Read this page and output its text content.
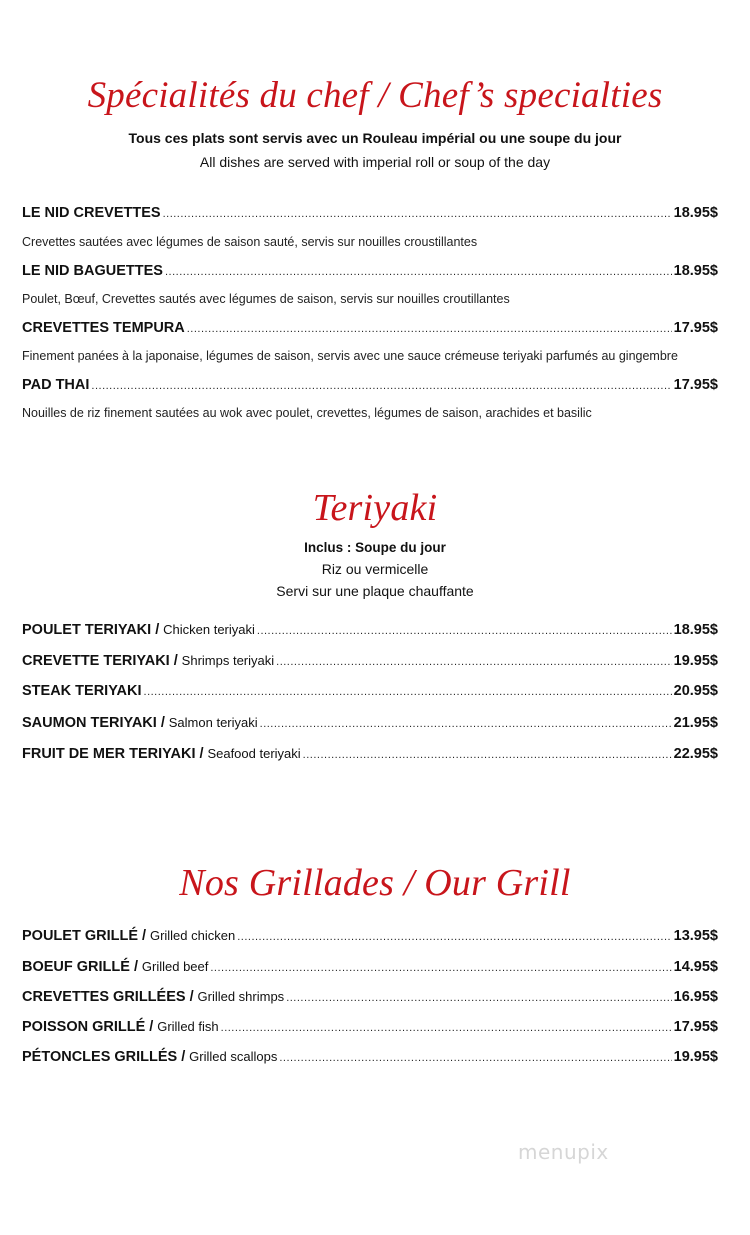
Spécialités du chef / Chef’s specialties
Tous ces plats sont servis avec un Rouleau impérial ou une soupe du jour
All dishes are served with imperial roll or soup of the day
LE NID CREVETTES .....	18.95$
Crevettes sautées avec légumes de saison sauté, servis sur nouilles croustillantes
LE NID BAGUETTES .....	18.95$
Poulet, Bœuf, Crevettes sautés avec légumes de saison, servis sur nouilles croutillantes
CREVETTES TEMPURA .....	17.95$
Finement panées à la japonaise, légumes de saison, servis avec une sauce crémeuse teriyaki parfumés au gingembre
PAD THAI .....	17.95$
Nouilles de riz finement sautées au wok avec poulet, crevettes, légumes de saison, arachides et basilic
Teriyaki
Inclus : Soupe du jour
Riz ou vermicelle
Servi sur une plaque chauffante
POULET TERIYAKI /
Chicken teriyaki .....	18.95$
CREVETTE TERIYAKI /
Shrimps teriyaki .....	19.95$
STEAK TERIYAKI .....	20.95$
SAUMON TERIYAKI /
Salmon teriyaki .....	21.95$
FRUIT DE MER TERIYAKI /
Seafood teriyaki .....	22.95$
Nos Grillades / Our Grill
POULET GRILLÉ /
Grilled chicken .....	13.95$
BOEUF GRILLÉ /
Grilled beef .....	14.95$
CREVETTES GRILLÉES /
Grilled shrimps .....	16.95$
POISSON GRILLÉ /
Grilled fish .....	17.95$
PÉTONCLES GRILLÉS /
Grilled scallops .....	19.95$
menupix
